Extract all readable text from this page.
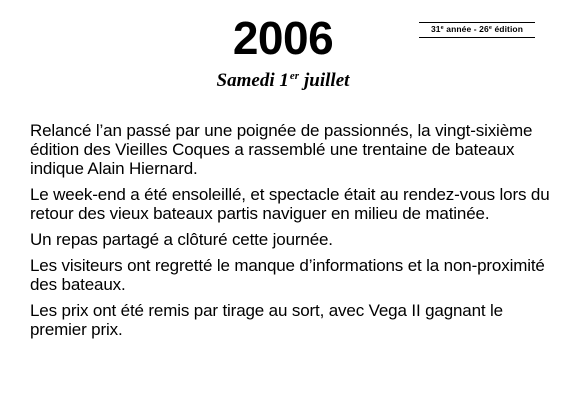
2006
Samedi 1er juillet
31e année - 26e édition

Relancé l’an passé par une poignée de passionnés, la vingt-sixième édition des Vieilles Coques a rassemblé une trentaine de bateaux indique Alain Hiernard.

Le week-end a été ensoleillé, et spectacle était au rendez-vous lors du retour des vieux bateaux partis naviguer en milieu de matinée.

Un repas partagé a clôturé cette journée.

Les visiteurs ont regretté le manque d’informations et la non-proximité des bateaux.

Les prix ont été remis par tirage au sort, avec Vega II gagnant le premier prix.
